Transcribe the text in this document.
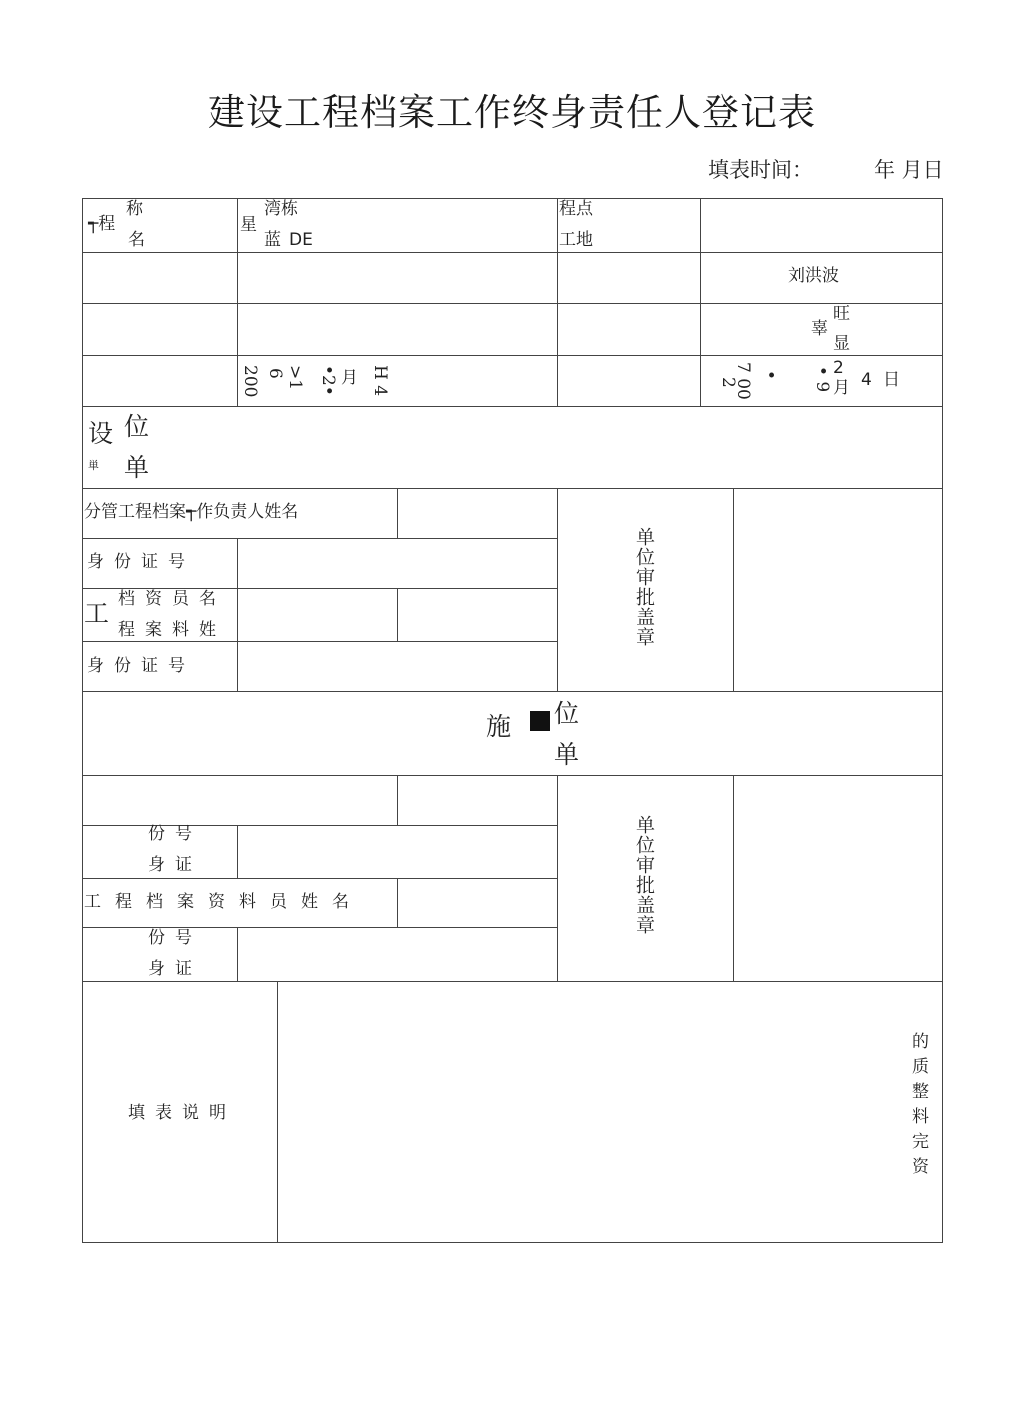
建设工程档案工作终身责任人登记表
填表时间：	年 月日
称
┭程
名
湾栋
星
蓝 DE
程点
工地
刘洪波
旺
辜
显
200 6 >1 •2• 月 H 4	7 00
2
• • 9 2
月 4 日
设 位
単 单
分管工程档案┭作负责人姓名
身份证号
工 档资员名
程案料姓
身份证号
单位审批盖章
施 位
单
份号
身证
工程档案资料员姓名
份号
身证
单位审批盖章
填表说明
的
质
整
料
完
资
